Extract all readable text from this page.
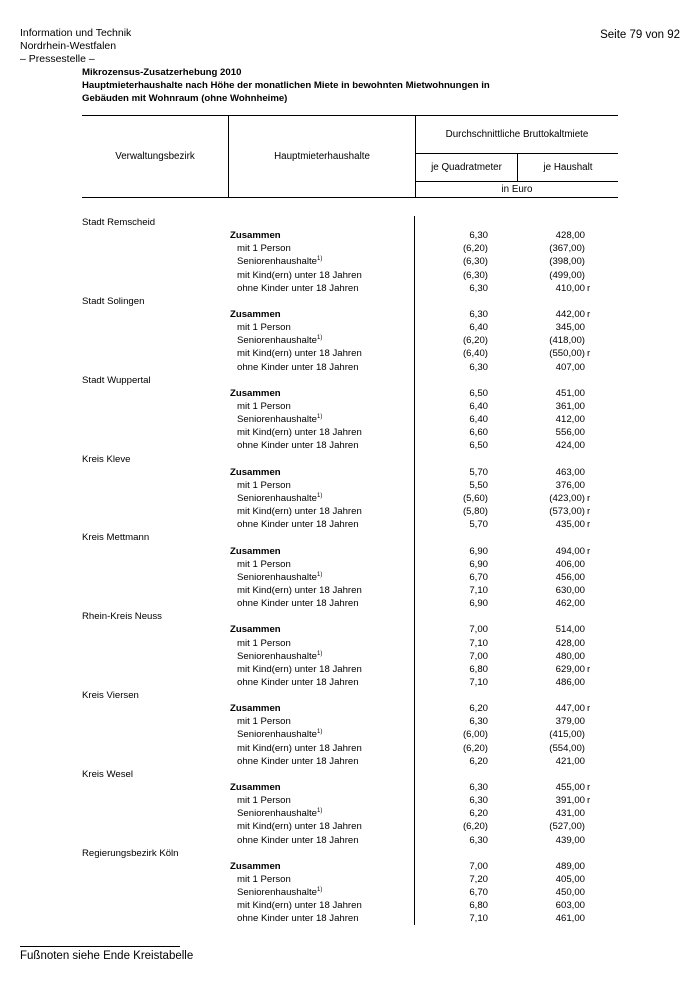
Information und Technik
Nordrhein-Westfalen
– Pressestelle –
Seite 79 von 92
Mikrozensus-Zusatzerhebung 2010
Hauptmieterhaushalte nach Höhe der monatlichen Miete in bewohnten Mietwohnungen in
Gebäuden mit Wohnraum (ohne Wohnheime)
Verwaltungsbezirk	Hauptmieterhaushalte	Durchschnittliche Bruttokaltmiete	
		je Quadratmeter	je Haushalt
		in Euro	
Stadt Remscheid
Zusammen	6,30	428,00
mit 1 Person	(6,20)	(367,00)
Seniorenhaushalte$^{1)}$	(6,30)	(398,00)
mit Kind(ern) unter 18 Jahren	(6,30)	(499,00)
ohne Kinder unter 18 Jahren	6,30	410,00 r
Stadt Solingen
Zusammen	6,30	442,00 r
mit 1 Person	6,40	345,00
Seniorenhaushalte$^{1)}$	(6,20)	(418,00)
mit Kind(ern) unter 18 Jahren	(6,40)	(550,00) r
ohne Kinder unter 18 Jahren	6,30	407,00
Stadt Wuppertal
Zusammen	6,50	451,00
mit 1 Person	6,40	361,00
Seniorenhaushalte$^{1)}$	6,40	412,00
mit Kind(ern) unter 18 Jahren	6,60	556,00
ohne Kinder unter 18 Jahren	6,50	424,00
Kreis Kleve
Zusammen	5,70	463,00
mit 1 Person	5,50	376,00
Seniorenhaushalte$^{1)}$	(5,60)	(423,00) r
mit Kind(ern) unter 18 Jahren	(5,80)	(573,00) r
ohne Kinder unter 18 Jahren	5,70	435,00 r
Kreis Mettmann
Zusammen	6,90	494,00 r
mit 1 Person	6,90	406,00
Seniorenhaushalte$^{1)}$	6,70	456,00
mit Kind(ern) unter 18 Jahren	7,10	630,00
ohne Kinder unter 18 Jahren	6,90	462,00
Rhein-Kreis Neuss
Zusammen	7,00	514,00
mit 1 Person	7,10	428,00
Seniorenhaushalte$^{1)}$	7,00	480,00
mit Kind(ern) unter 18 Jahren	6,80	629,00 r
ohne Kinder unter 18 Jahren	7,10	486,00
Kreis Viersen
Zusammen	6,20	447,00 r
mit 1 Person	6,30	379,00
Seniorenhaushalte$^{1)}$	(6,00)	(415,00)
mit Kind(ern) unter 18 Jahren	(6,20)	(554,00)
ohne Kinder unter 18 Jahren	6,20	421,00
Kreis Wesel
Zusammen	6,30	455,00 r
mit 1 Person	6,30	391,00 r
Seniorenhaushalte$^{1)}$	6,20	431,00
mit Kind(ern) unter 18 Jahren	(6,20)	(527,00)
ohne Kinder unter 18 Jahren	6,30	439,00
Regierungsbezirk Köln
Zusammen	7,00	489,00
mit 1 Person	7,20	405,00
Seniorenhaushalte$^{1)}$	6,70	450,00
mit Kind(ern) unter 18 Jahren	6,80	603,00
ohne Kinder unter 18 Jahren	7,10	461,00
Fußnoten siehe Ende Kreistabelle
